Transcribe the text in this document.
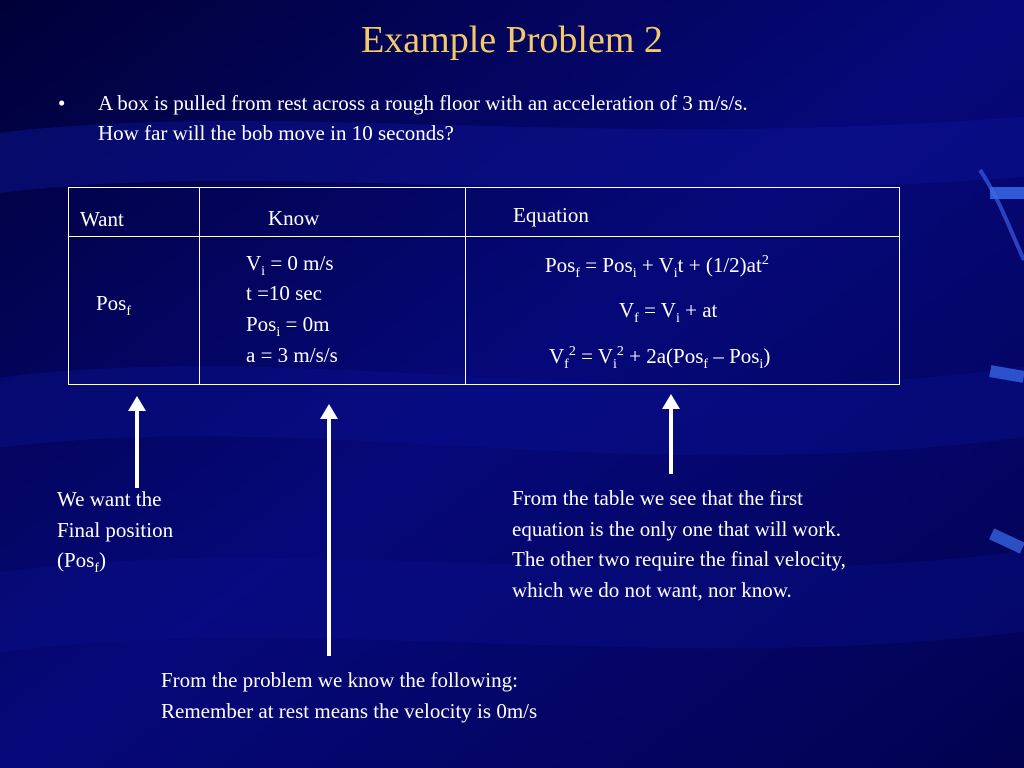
Example Problem 2
• A box is pulled from rest across a rough floor with an acceleration of 3 m/s/s.
How far will the bob move in 10 seconds?
Want	Know	Equation
Pos$_f$
$V_i = 0$ m/s
t =10 sec
Pos$_i$ = 0m
a = 3 m/s/s
$Pos_f = Pos_i + V_it + (1/2)at^2$
$V_f = V_i$ + at
$V_f^2 = V_i^2 + 2a(Pos_f - Pos_i)$
We want the
Final position
(Pos$_f$)
From the table we see that the first
equation is the only one that will work.
The other two require the final velocity,
which we do not want, nor know.
From the problem we know the following:
Remember at rest means the velocity is 0m/s
